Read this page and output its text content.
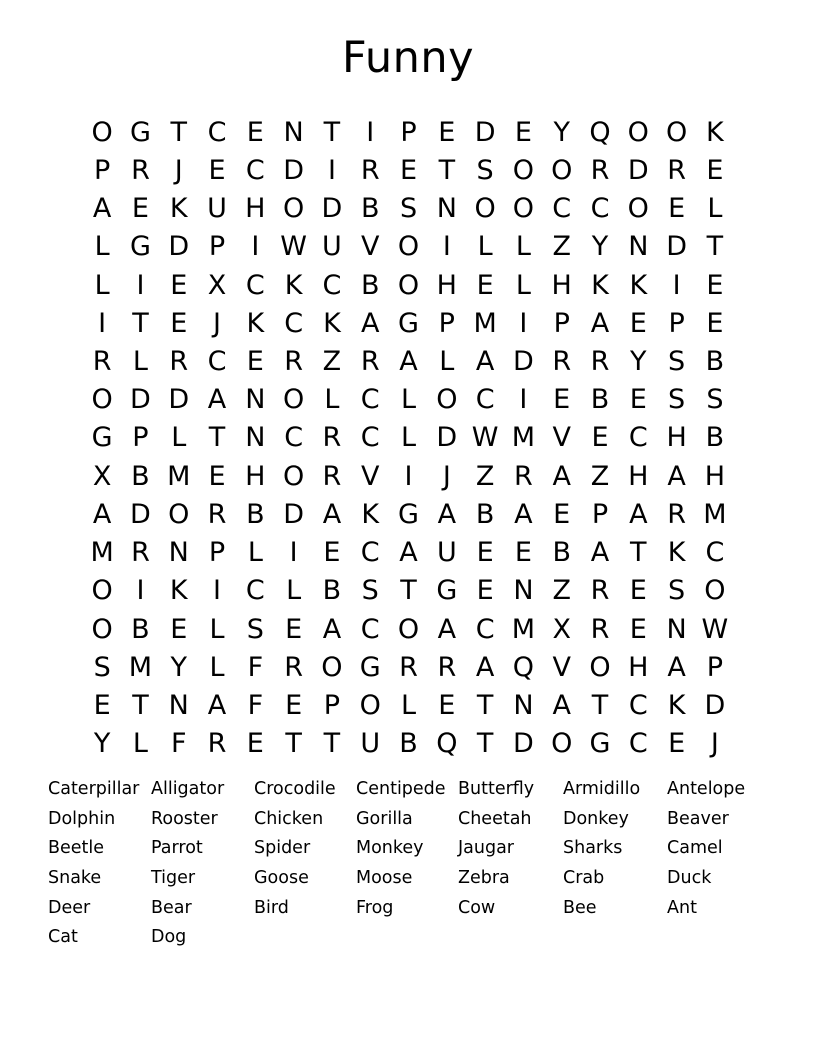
Funny
O G T C E N T I P E D E Y Q O O K
P R J E C D I R E T S O O R D R E
A E K U H O D B S N O O C C O E L
L G D P I W U V O I L L Z Y N D T
L I E X C K C B O H E L H K K I E
I T E J K C K A G P M I P A E P E
R L R C E R Z R A L A D R R Y S B
O D D A N O L C L O C I E B E S S
G P L T N C R C L D W M V E C H B
X B M E H O R V I	J Z R A Z H A H
A D O R B D A K G A B A E P A R M
M R N P L I E C A U E E B A T K C
O I K I C L B S T G E N Z R E S O
O B E L S E A C O A C M X R E N W
S M Y L F R O G R R A Q V O H A P
E T N A F E P O L E T N A T C K D
Y L F R E T T U B Q T D O G C E J
Caterpillar
Dolphin
Beetle
Snake
Deer
Cat
Alligator
Rooster
Parrot
Tiger
Bear
Dog
Crocodile
Chicken
Spider
Goose
Bird
Centipede
Gorilla
Monkey
Moose
Frog
Butterfly
Cheetah
Jaugar
Zebra
Cow
Armidillo
Donkey
Sharks
Crab
Bee
Antelope
Beaver
Camel
Duck
Ant
